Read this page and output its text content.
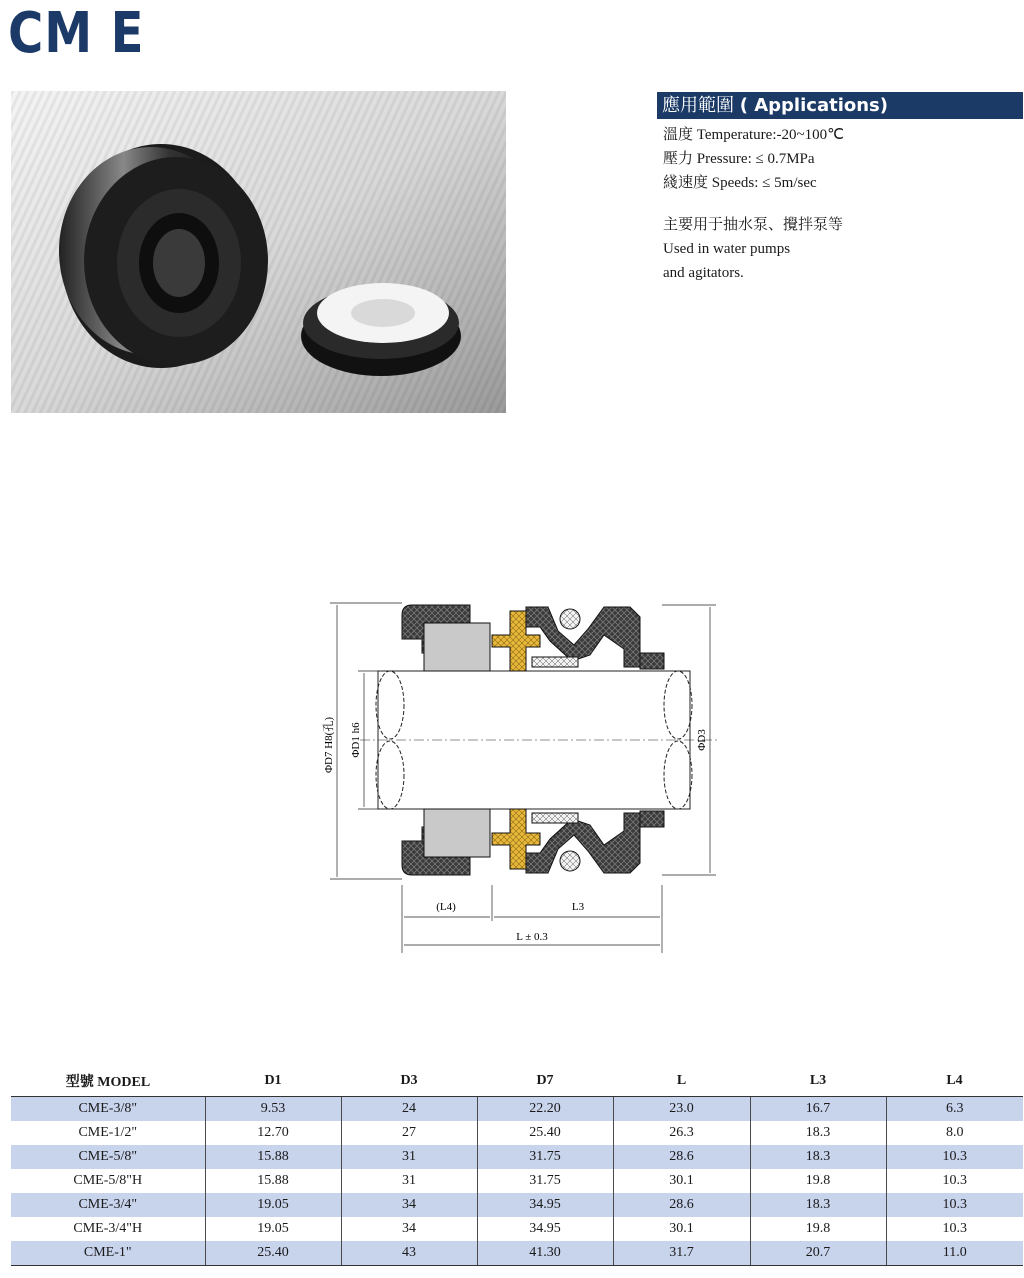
CM E
應用範圍 ( Applications)
溫度 Temperature:-20~100℃
壓力 Pressure: ≤ 0.7MPa
綫速度 Speeds: ≤ 5m/sec
主要用于抽水泵、攪拌泵等
Used in water pumps
and agitators.
ΦD7 H8(孔) ΦD1 h6	ΦD3
(L4)	L3
L ± 0.3
型號 MODEL	D1	D3	D7	L	L3	L4
CME-3/8"	9.53	24	22.20	23.0	16.7	6.3
CME-1/2"	12.70	27	25.40	26.3	18.3	8.0
CME-5/8"	15.88	31	31.75	28.6	18.3	10.3
CME-5/8"H	15.88	31	31.75	30.1	19.8	10.3
CME-3/4"	19.05	34	34.95	28.6	18.3	10.3
CME-3/4"H	19.05	34	34.95	30.1	19.8	10.3
CME-1"	25.40	43	41.30	31.7	20.7	11.0
